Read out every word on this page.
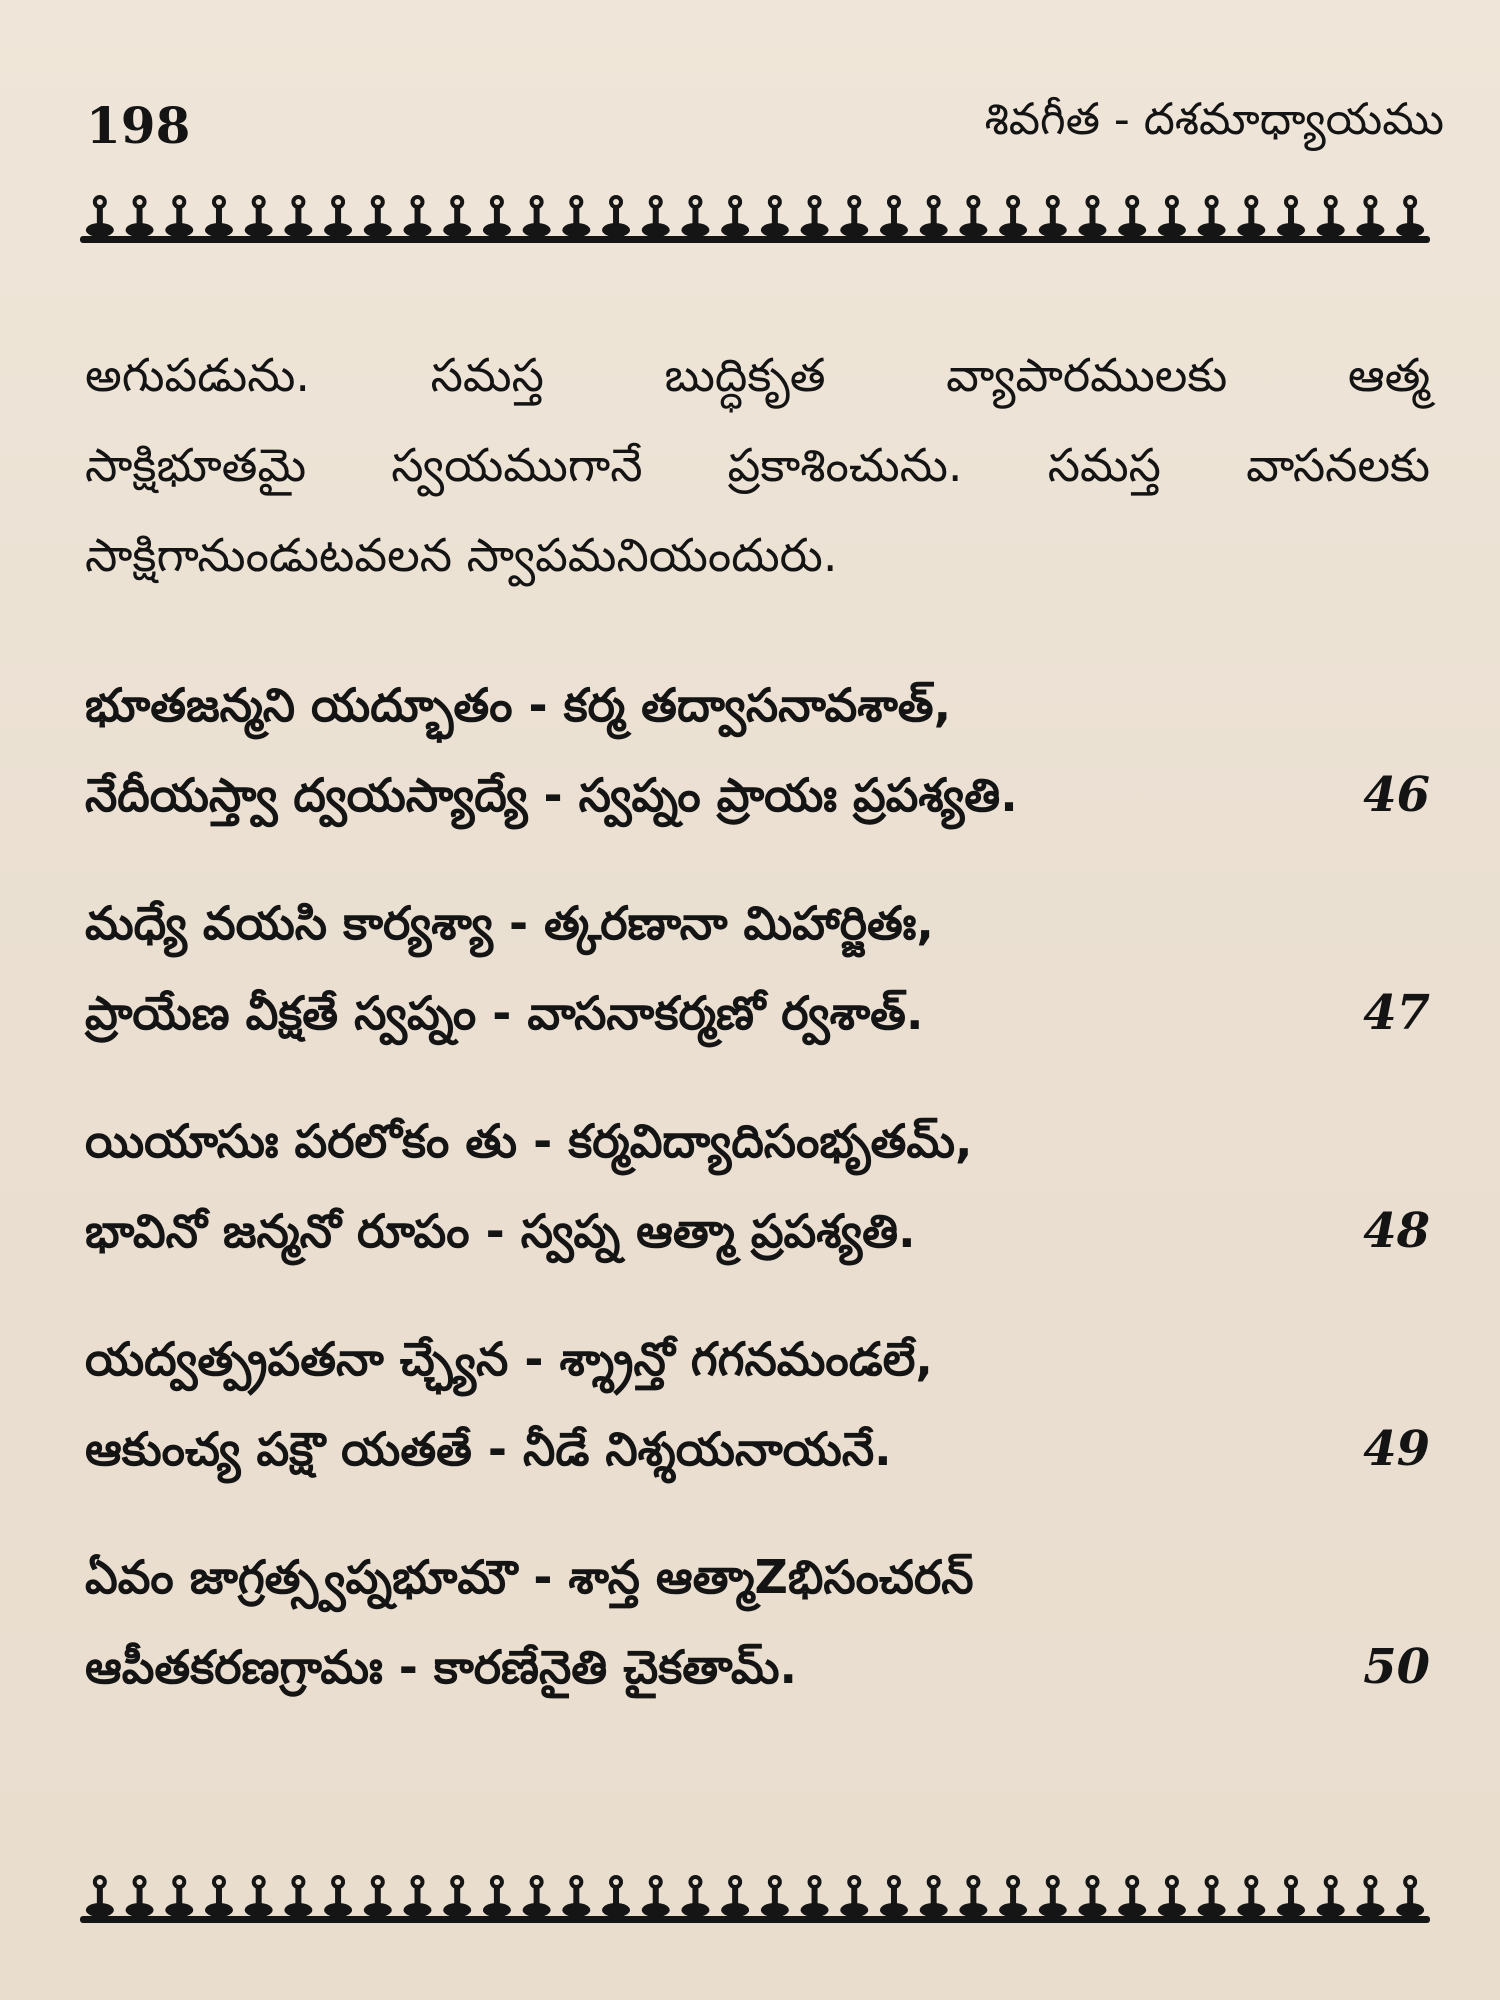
198	శివగీత - దశమాధ్యాయము

అగుపడును. సమస్త బుద్ధికృత వ్యాపారములకు ఆత్మ

సాక్షిభూతమై స్వయముగానే ప్రకాశించును. సమస్త వాసనలకు

సాక్షిగానుండుటవలన స్వాపమనియందురు.

భూతజన్మని యద్భూతం - కర్మ తద్వాసనావశాత్,
నేదీయస్త్వా ద్వయస్యాద్యే - స్వప్నం ప్రాయః ప్రపశ్యతి.	46
మధ్యే వయసి కార్యశ్యా - త్కరణానా మిహార్జితః,
ప్రాయేణ వీక్షతే స్వప్నం - వాసనాకర్మణో ర్వశాత్.	47
యియాసుః పరలోకం తు - కర్మవిద్యాదిసంభృతమ్,
భావినో జన్మనో రూపం - స్వప్న ఆత్మా ప్రపశ్యతి.	48
యద్వత్ప్రపతనా చ్ఛ్యేన - శ్శ్రాన్తో గగనమండలే,
ఆకుంచ్య పక్షౌ యతతే - నీడే నిశ్శయనాయనే.	49
ఏవం జాగ్రత్స్వప్నభూమౌ - శాన్త ఆత్మాZభిసంచరన్
ఆపీతకరణగ్రామః - కారణేనైతి చైకతామ్.	50
